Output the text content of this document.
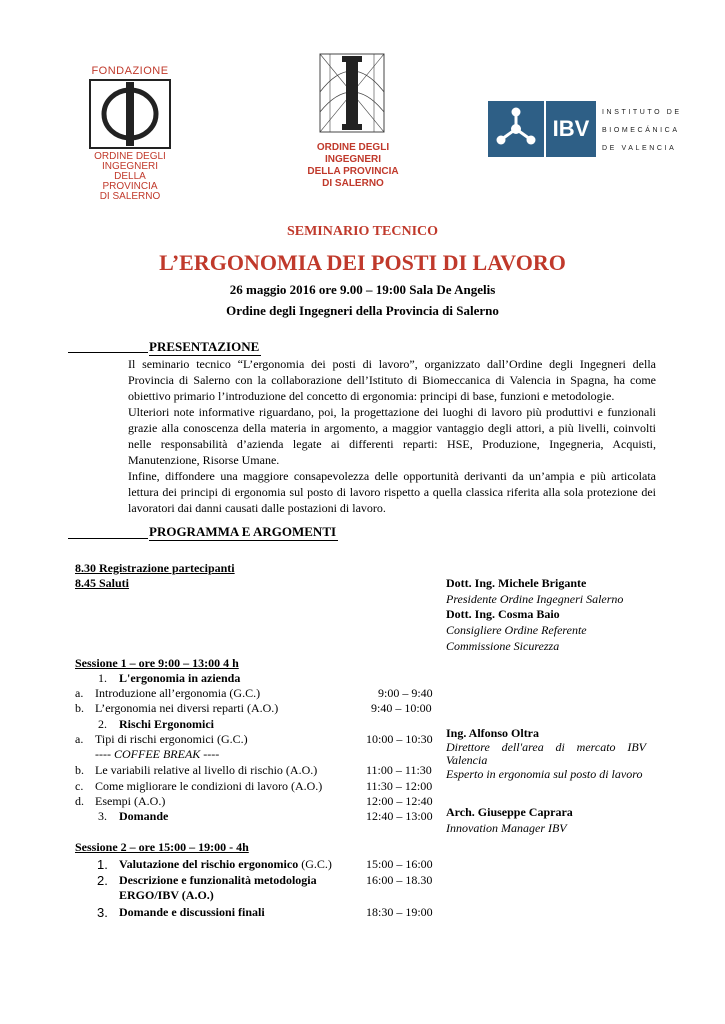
FONDAZIONE
ORDINE DEGLI
INGEGNERI
DELLA PROVINCIA
DI SALERNO
ORDINE DEGLI
INGEGNERI
DELLA PROVINCIA
DI SALERNO
IBV
INSTITUTO DE
BIOMECÁNICA
DE VALENCIA
SEMINARIO TECNICO
L’ERGONOMIA DEI POSTI DI LAVORO
26 maggio 2016 ore 9.00 – 19:00 Sala De Angelis
Ordine degli Ingegneri della Provincia di Salerno
PRESENTAZIONE
Il seminario tecnico “L’ergonomia dei posti di lavoro”, organizzato dall’Ordine degli Ingegneri della Provincia di Salerno con la collaborazione dell’Istituto di Biomeccanica di Valencia in Spagna, ha come obiettivo primario l’introduzione del concetto di ergonomia: principi di base, funzioni e metodologie.
Ulteriori note informative riguardano, poi, la progettazione dei luoghi di lavoro più produttivi e funzionali grazie alla conoscenza della materia in argomento, a maggior vantaggio degli attori, a più livelli, coinvolti nelle responsabilità d’azienda legate ai differenti reparti: HSE, Produzione, Ingegneria, Acquisti, Manutenzione, Risorse Umane.
Infine, diffondere una maggiore consapevolezza delle opportunità derivanti da un’ampia e più articolata lettura dei principi di ergonomia sul posto di lavoro rispetto a quella classica riferita alla sola protezione dei lavoratori dai danni causati dalle postazioni di lavoro.
PROGRAMMA E ARGOMENTI
8.30 Registrazione partecipanti
8.45 Saluti
Sessione 1 – ore 9:00 – 13:00 4 h
1. L'ergonomia in azienda
a. Introduzione all’ergonomia (G.C.)	9:00 – 9:40
b. L’ergonomia nei diversi reparti (A.O.)	9:40 – 10:00
2. Rischi Ergonomici
a. Tipi di rischi ergonomici (G.C.)	10:00 – 10:30
---- COFFEE BREAK ----
b. Le variabili relative al livello di rischio (A.O.)	11:00 – 11:30
c. Come migliorare le condizioni di lavoro (A.O.)	11:30 – 12:00
d. Esempi (A.O.)	12:00 – 12:40
3. Domande	12:40 – 13:00
Sessione 2 – ore 15:00 – 19:00 - 4h
1. Valutazione del rischio ergonomico (G.C.)	15:00 – 16:00
2. Descrizione e funzionalità metodologia
ERGO/IBV (A.O.)
16:00 – 18.30
3. Domande e discussioni finali	18:30 – 19:00
Dott. Ing. Michele Brigante
Presidente Ordine Ingegneri Salerno
Dott. Ing. Cosma Baio
Consigliere Ordine Referente
Commissione Sicurezza
Ing. Alfonso Oltra
Direttore dell'area di mercato IBV
Valencia
Esperto in ergonomia sul posto di lavoro
Arch. Giuseppe Caprara
Innovation Manager IBV
